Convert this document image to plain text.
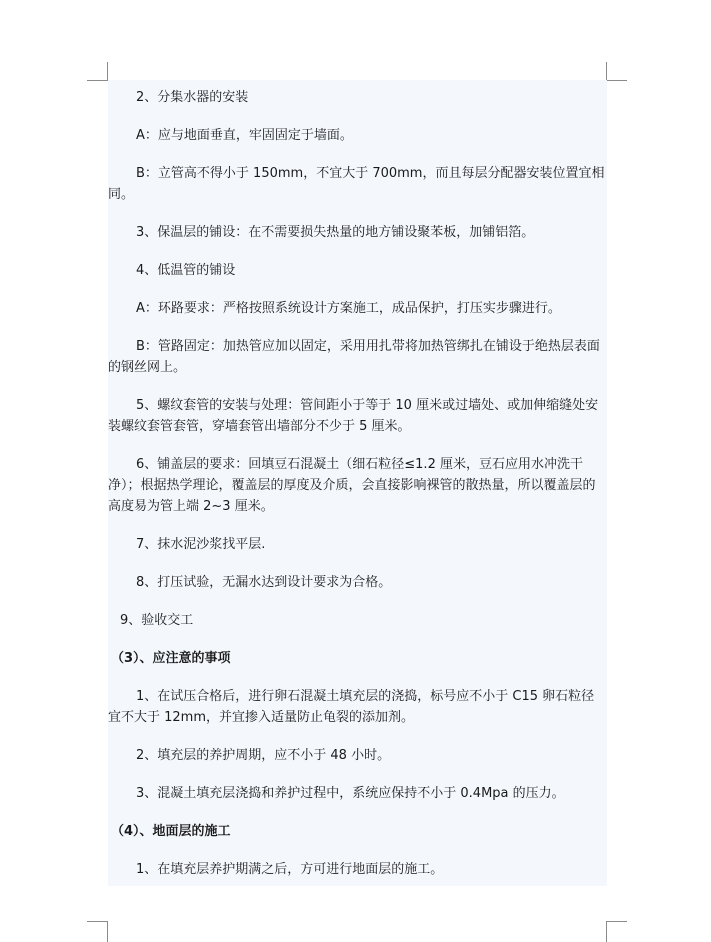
2、分集水器的安装

A：应与地面垂直，牢固固定于墙面。

B：立管高不得小于 150mm，不宜大于 700mm，而且每层分配器安装位置宜相同。

3、保温层的铺设：在不需要损失热量的地方铺设聚苯板，加铺铝箔。

4、低温管的铺设

A：环路要求：严格按照系统设计方案施工，成品保护，打压实步骤进行。

B：管路固定：加热管应加以固定，采用用扎带将加热管绑扎在铺设于绝热层表面的钢丝网上。

5、螺纹套管的安装与处理：管间距小于等于 10 厘米或过墙处、或加伸缩缝处安装螺纹套管套管，穿墙套管出墙部分不少于 5 厘米。

6、铺盖层的要求：回填豆石混凝土（细石粒径≤1.2 厘米，豆石应用水冲洗干净）；根据热学理论，覆盖层的厚度及介质，会直接影响裸管的散热量，所以覆盖层的高度易为管上端 2~3 厘米。

7、抹水泥沙浆找平层.

8、打压试验，无漏水达到设计要求为合格。

9、验收交工

（3）、应注意的事项

1、在试压合格后，进行卵石混凝土填充层的浇捣，标号应不小于 C15 卵石粒径宜不大于 12mm，并宜掺入适量防止龟裂的添加剂。

2、填充层的养护周期，应不小于 48 小时。

3、混凝土填充层浇捣和养护过程中，系统应保持不小于 0.4Mpa 的压力。

（4）、地面层的施工

1、在填充层养护期满之后，方可进行地面层的施工。
